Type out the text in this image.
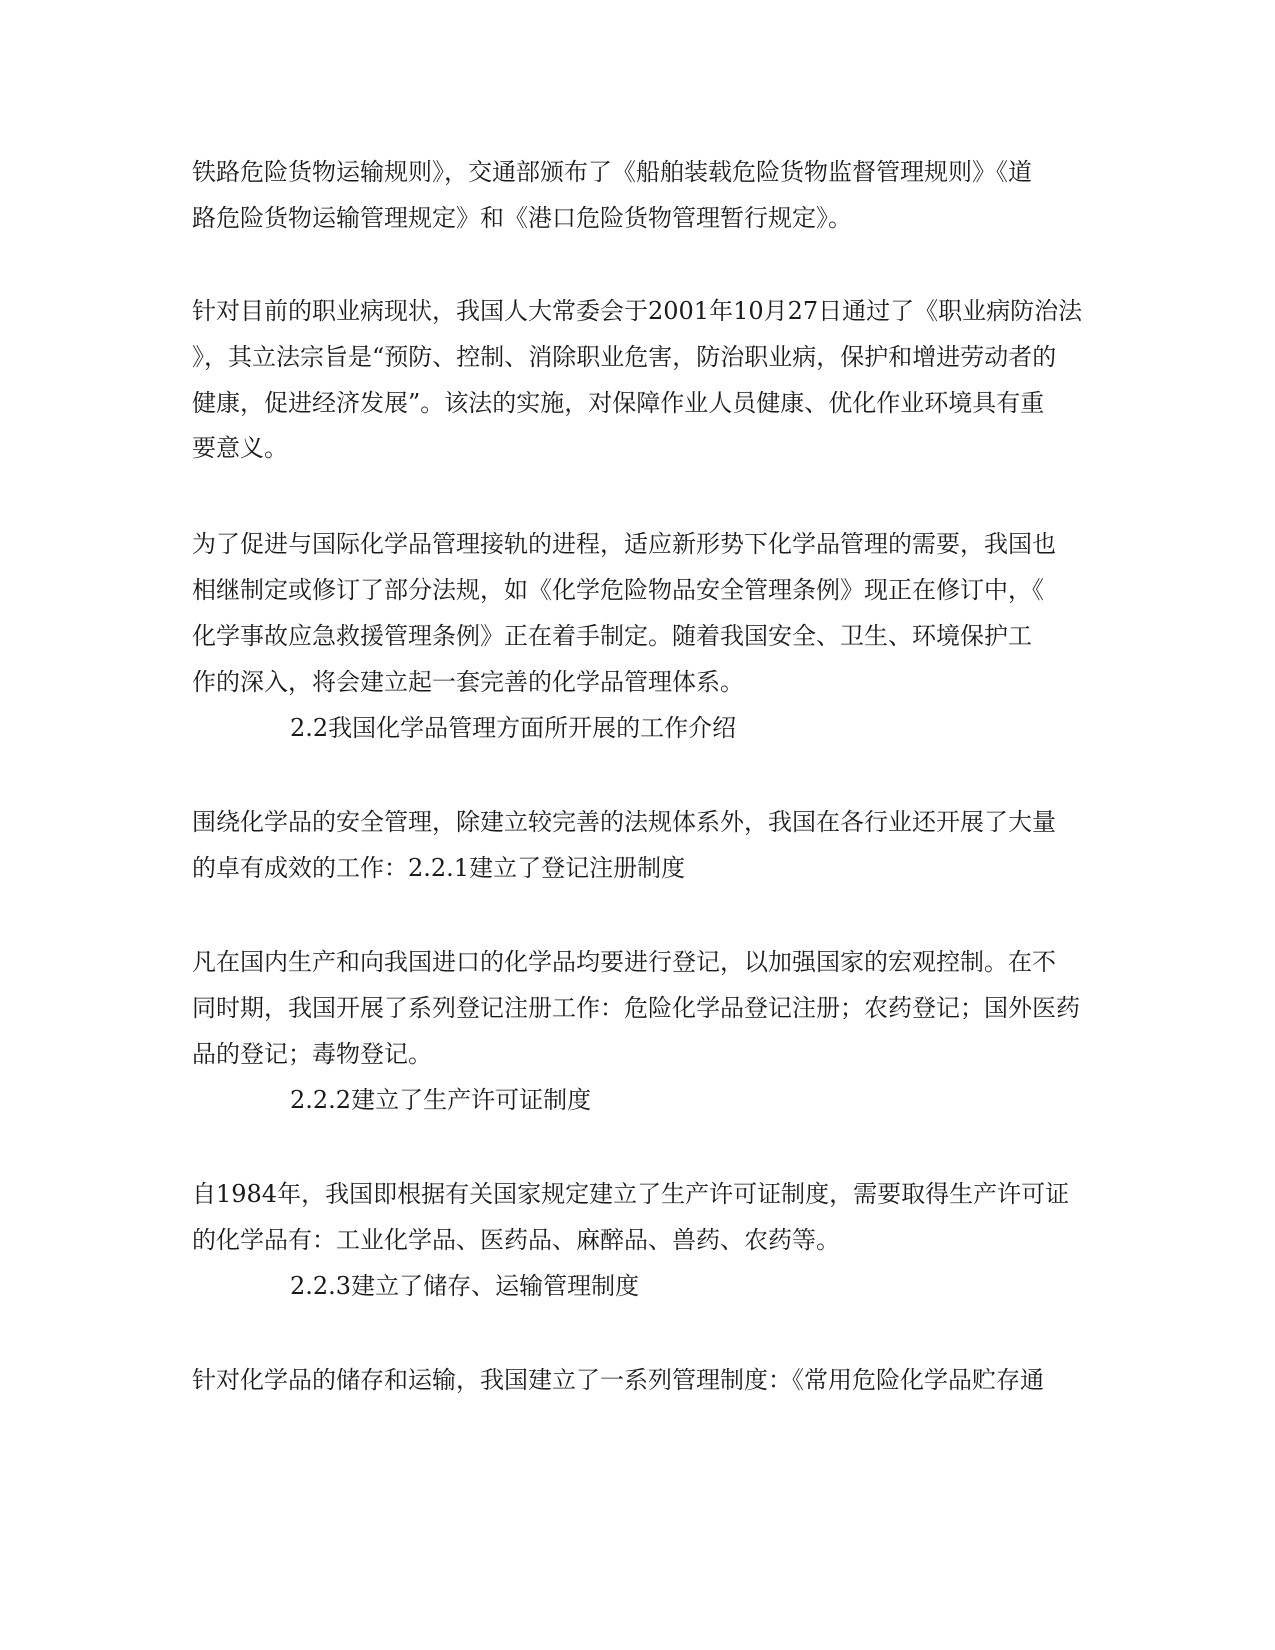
铁路危险货物运输规则》，交通部颁布了《船舶装载危险货物监督管理规则》《道

路危险货物运输管理规定》和《港口危险货物管理暂行规定》。

针对目前的职业病现状，我国人大常委会于2001年10月27日通过了《职业病防治法

》，其立法宗旨是“预防、控制、消除职业危害，防治职业病，保护和增进劳动者的

健康，促进经济发展”。该法的实施，对保障作业人员健康、优化作业环境具有重

要意义。

为了促进与国际化学品管理接轨的进程，适应新形势下化学品管理的需要，我国也

相继制定或修订了部分法规，如《化学危险物品安全管理条例》现正在修订中，《

化学事故应急救援管理条例》正在着手制定。随着我国安全、卫生、环境保护工

作的深入，将会建立起一套完善的化学品管理体系。

2.2我国化学品管理方面所开展的工作介绍

围绕化学品的安全管理，除建立较完善的法规体系外，我国在各行业还开展了大量

的卓有成效的工作：2.2.1建立了登记注册制度

凡在国内生产和向我国进口的化学品均要进行登记，以加强国家的宏观控制。在不

同时期，我国开展了系列登记注册工作：危险化学品登记注册；农药登记；国外医药

品的登记；毒物登记。

2.2.2建立了生产许可证制度

自1984年，我国即根据有关国家规定建立了生产许可证制度，需要取得生产许可证

的化学品有：工业化学品、医药品、麻醉品、兽药、农药等。

2.2.3建立了储存、运输管理制度

针对化学品的储存和运输，我国建立了一系列管理制度：《常用危险化学品贮存通
